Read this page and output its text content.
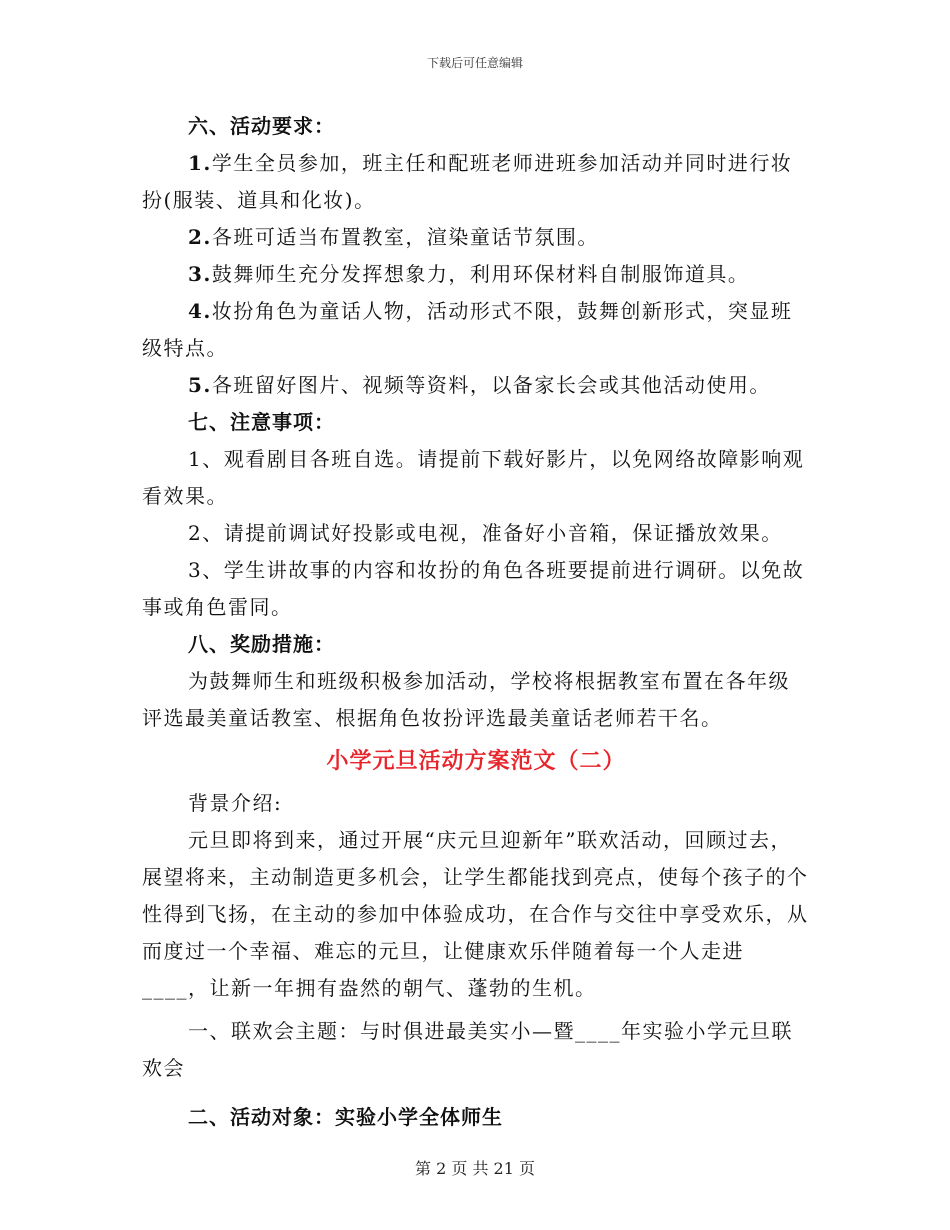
下载后可任意编辑

六、活动要求：

1.学生全员参加，班主任和配班老师进班参加活动并同时进行妆扮(服装、道具和化妆)。

2.各班可适当布置教室，渲染童话节氛围。

3.鼓舞师生充分发挥想象力，利用环保材料自制服饰道具。

4.妆扮角色为童话人物，活动形式不限，鼓舞创新形式，突显班级特点。

5.各班留好图片、视频等资料，以备家长会或其他活动使用。

七、注意事项：

1、观看剧目各班自选。请提前下载好影片，以免网络故障影响观看效果。

2、请提前调试好投影或电视，准备好小音箱，保证播放效果。

3、学生讲故事的内容和妆扮的角色各班要提前进行调研。以免故事或角色雷同。

八、奖励措施：

为鼓舞师生和班级积极参加活动，学校将根据教室布置在各年级评选最美童话教室、根据角色妆扮评选最美童话老师若干名。

小学元旦活动方案范文（二）

背景介绍:

元旦即将到来，通过开展“庆元旦迎新年”联欢活动，回顾过去，展望将来，主动制造更多机会，让学生都能找到亮点，使每个孩子的个性得到飞扬，在主动的参加中体验成功，在合作与交往中享受欢乐，从而度过一个幸福、难忘的元旦，让健康欢乐伴随着每一个人走进____，让新一年拥有盎然的朝气、蓬勃的生机。

一、联欢会主题：与时俱进最美实小—暨____年实验小学元旦联欢会

二、活动对象：实验小学全体师生

第 2 页 共 21 页
